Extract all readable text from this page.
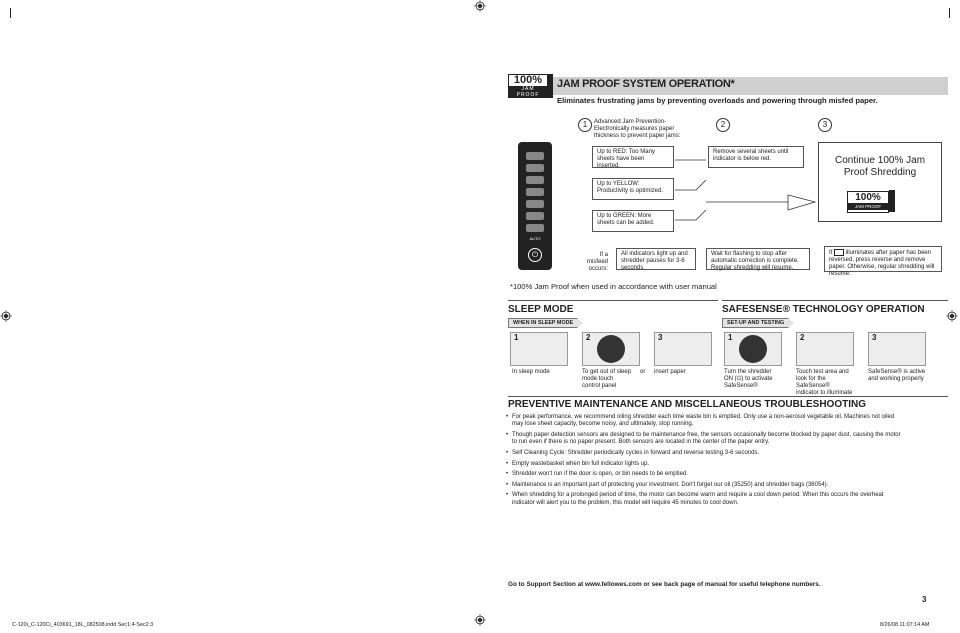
100%
JAM PROOF
JAM PROOF SYSTEM OPERATION*
Eliminates frustrating jams by preventing overloads and powering through misfed paper.
1	2	3
Advanced Jam Prevention- Electronically measures paper thickness to prevent paper jams:
AUTO
⏻
Up to RED: Too Many sheets have been inserted.
Up to YELLOW: Productivity is optimized.
Up to GREEN: More sheets can be added.
Remove several sheets until indicator is below red.	Continue 100% Jam Proof Shredding
100%
JAM PROOF
If a misfeed occurs:
All indicators light up and shredder pauses for 3-6 seconds
Wait for flashing to stop after automatic correction is complete. Regular shredding will resume.
If illuminates after paper has been reversed, press reverse and remove paper. Otherwise, regular shredding will resume.
*100% Jam Proof when used in accordance with user manual
SLEEP MODE
WHEN IN SLEEP MODE
1	2	3
In sleep mode	To get out of sleep mode touch control panel
or insert paper
SAFESENSE® TECHNOLOGY OPERATION
SET-UP AND TESTING
1	2	3
Turn the shredder ON (⏻) to activate SafeSense®
Touch test area and look for the SafeSense® indicator to illuminate
SafeSense® is active and working properly
PREVENTIVE MAINTENANCE AND MISCELLANEOUS TROUBLESHOOTING
• For peak performance, we recommend oiling shredder each time waste bin is emptied. Only use a non-aerosol vegetable oil. Machines not oiled may lose sheet capacity, become noisy, and ultimately, stop running.
• Though paper detection sensors are designed to be maintenance free, the sensors occasionally become blocked by paper dust, causing the motor to run even if there is no paper present. Both sensors are located in the center of the paper entry.
• Self Cleaning Cycle: Shredder periodically cycles in forward and reverse testing 3-6 seconds.
• Empty wastebasket when bin full indicator lights up.
• Shredder won't run if the door is open, or bin needs to be emptied.
• Maintenance is an important part of protecting your investment. Don't forget our oil (35250) and shredder bags (36054).
• When shredding for a prolonged period of time, the motor can become warm and require a cool down period. When this occurs the overheat indicator will alert you to the problem, this model will require 45 minutes to cool down.
Go to Support Section at www.fellowes.com or see back page of manual for useful telephone numbers.
3
C-120i_C-120Ci_403691_18L_082508.indd Sec1:4-Sec2:3	8/26/08 11:07:14 AM
